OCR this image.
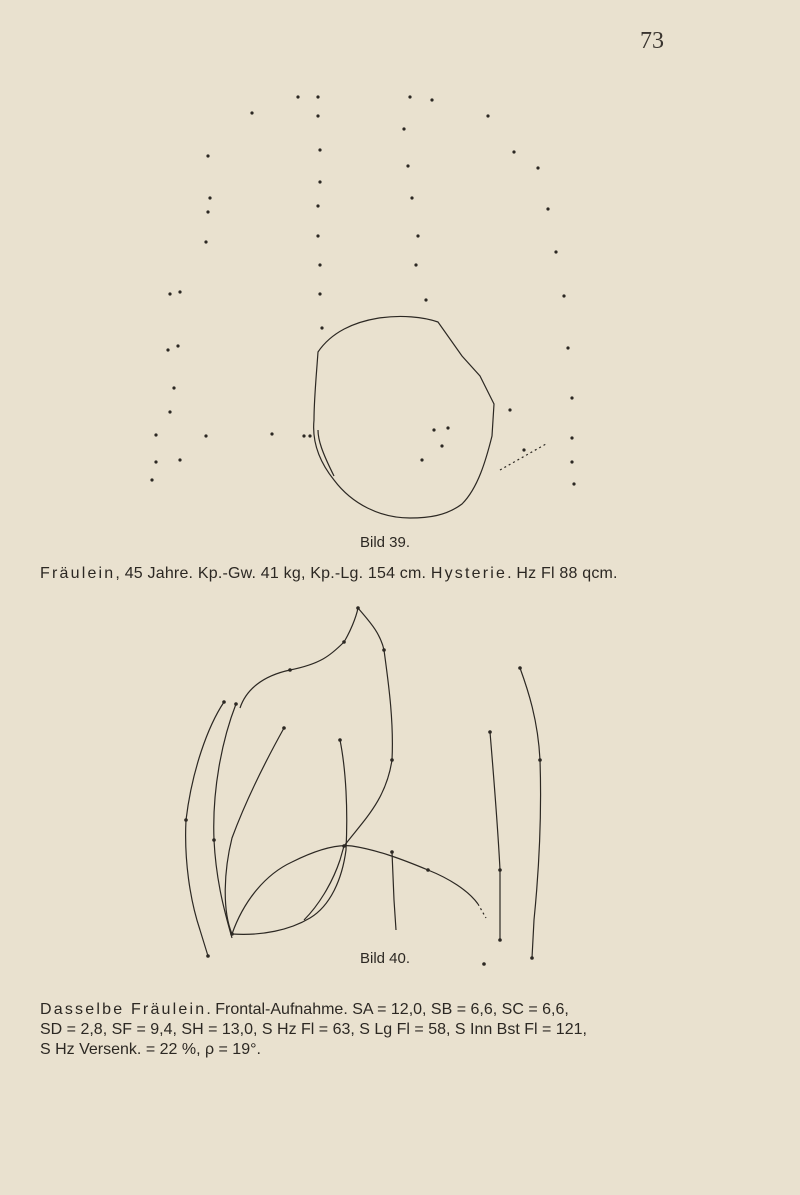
73
Bild 39.
Fräulein, 45 Jahre. Kp.-Gw. 41 kg, Kp.-Lg. 154 cm. Hysterie. Hz Fl 88 qcm.
Bild 40.
Dasselbe Fräulein. Frontal-Aufnahme. SA = 12,0, SB = 6,6, SC = 6,6,
SD = 2,8, SF = 9,4, SH = 13,0, S Hz Fl = 63, S Lg Fl = 58, S Inn Bst Fl = 121,
S Hz Versenk. = 22 %, ρ = 19°.
